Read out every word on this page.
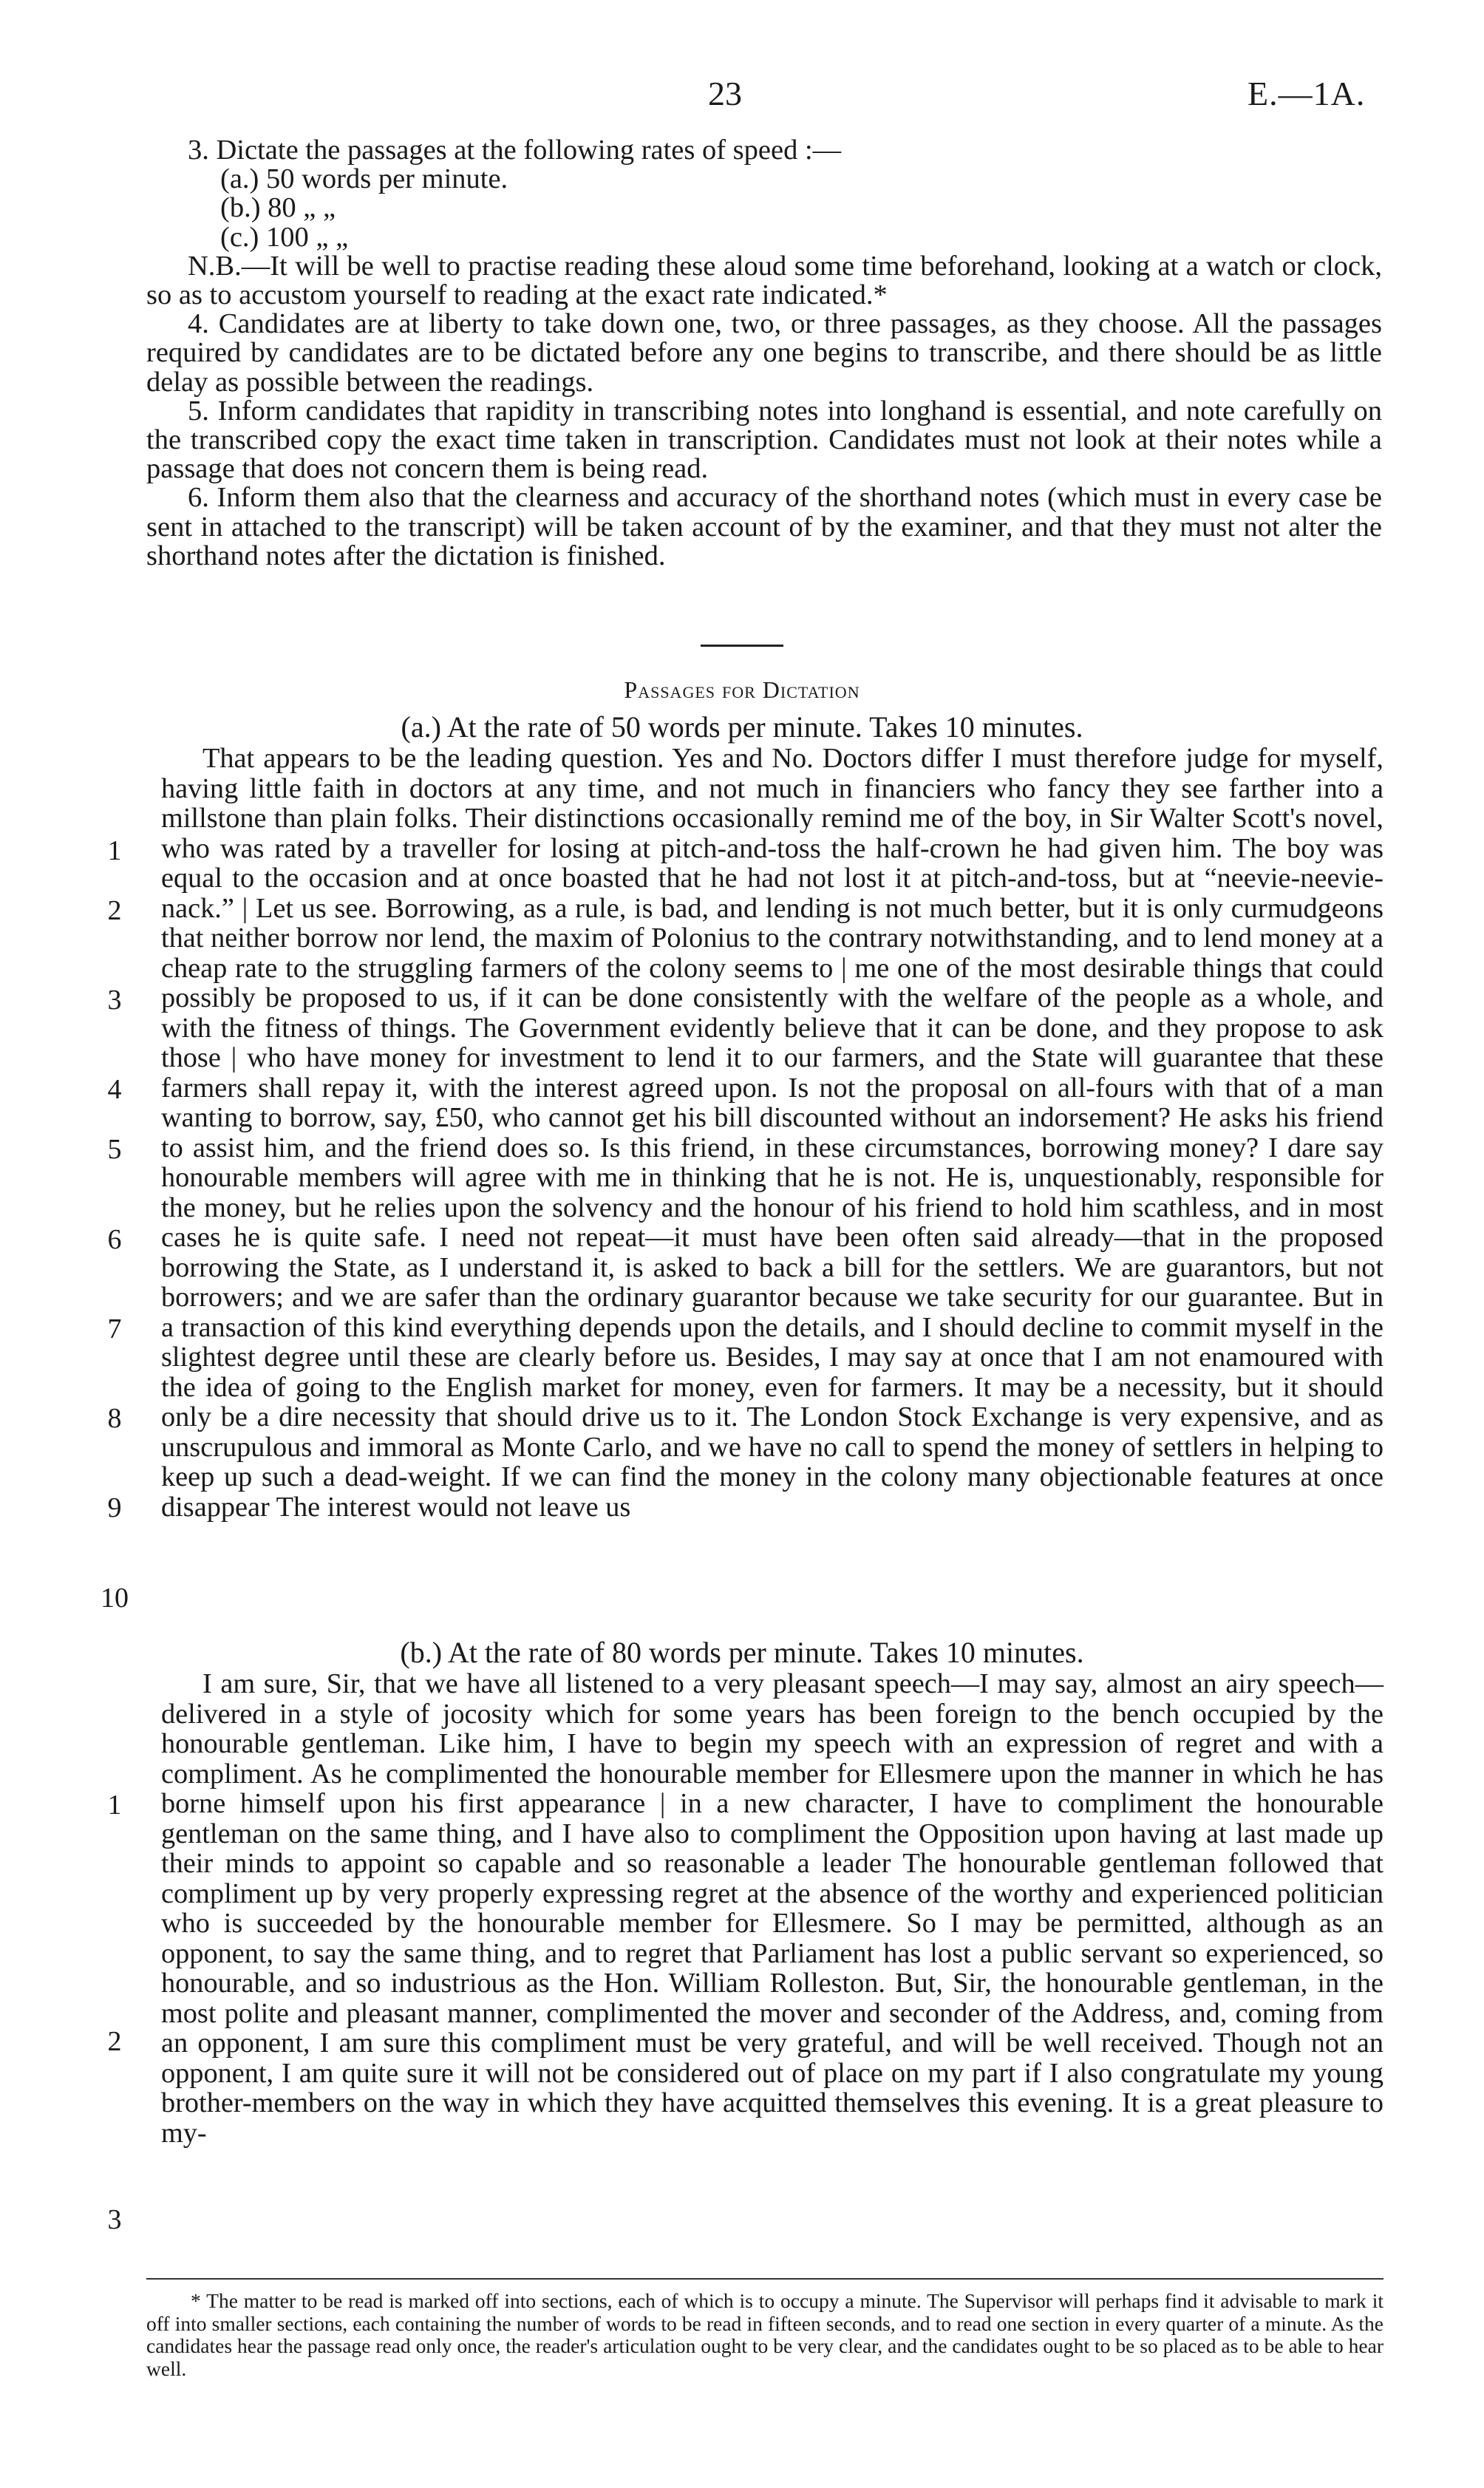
23	E.—1A.

3. Dictate the passages at the following rates of speed :—

(a.) 50 words per minute.

(b.) 80 „ „

(c.) 100 „ „

N.B.—It will be well to practise reading these aloud some time beforehand, looking at a watch or clock, so as to accustom yourself to reading at the exact rate indicated.*

4. Candidates are at liberty to take down one, two, or three passages, as they choose. All the passages required by candidates are to be dictated before any one begins to transcribe, and there should be as little delay as possible between the readings.

5. Inform candidates that rapidity in transcribing notes into longhand is essential, and note carefully on the transcribed copy the exact time taken in transcription. Candidates must not look at their notes while a passage that does not concern them is being read.

6. Inform them also that the clearness and accuracy of the shorthand notes (which must in every case be sent in attached to the transcript) will be taken account of by the examiner, and that they must not alter the shorthand notes after the dictation is finished.

Passages for Dictation
(a.) At the rate of 50 words per minute. Takes 10 minutes.

That appears to be the leading question. Yes and No. Doctors differ I must therefore judge for myself, having little faith in doctors at any time, and not much in financiers who fancy they see farther into a millstone than plain folks. Their distinctions occasionally remind me of the boy, in Sir Walter Scott's novel, who was rated by a traveller for losing at pitch-and-toss the half-crown he had given him. The boy was equal to the occasion and at once boasted that he had not lost it at pitch-and-toss, but at “neevie-neevie-nack.” | Let us see. Borrowing, as a rule, is bad, and lending is not much better, but it is only curmudgeons that neither borrow nor lend, the maxim of Polonius to the contrary notwithstanding, and to lend money at a cheap rate to the struggling farmers of the colony seems to | me one of the most desirable things that could possibly be proposed to us, if it can be done consistently with the welfare of the people as a whole, and with the fitness of things. The Government evidently believe that it can be done, and they propose to ask those | who have money for investment to lend it to our farmers, and the State will guarantee that these farmers shall repay it, with the interest agreed upon. Is not the proposal on all-fours with that of a man wanting to borrow, say, £50, who cannot get his bill discounted without an indorsement? He asks his friend to assist him, and the friend does so. Is this friend, in these circumstances, borrowing money? I dare say honourable members will agree with me in thinking that he is not. He is, unquestionably, responsible for the money, but he relies upon the solvency and the honour of his friend to hold him scathless, and in most cases he is quite safe. I need not repeat—it must have been often said already—that in the proposed borrowing the State, as I understand it, is asked to back a bill for the settlers. We are guarantors, but not borrowers; and we are safer than the ordinary guarantor because we take security for our guarantee. But in a transaction of this kind everything depends upon the details, and I should decline to commit myself in the slightest degree until these are clearly before us. Besides, I may say at once that I am not enamoured with the idea of going to the English market for money, even for farmers. It may be a necessity, but it should only be a dire necessity that should drive us to it. The London Stock Exchange is very expensive, and as unscrupulous and immoral as Monte Carlo, and we have no call to spend the money of settlers in helping to keep up such a dead-weight. If we can find the money in the colony many objectionable features at once disappear The interest would not leave us

1
2
3
4
5
6
7
8
9
10
(b.) At the rate of 80 words per minute. Takes 10 minutes.

I am sure, Sir, that we have all listened to a very pleasant speech—I may say, almost an airy speech—delivered in a style of jocosity which for some years has been foreign to the bench occupied by the honourable gentleman. Like him, I have to begin my speech with an expression of regret and with a compliment. As he complimented the honourable member for Ellesmere upon the manner in which he has borne himself upon his first appearance | in a new character, I have to compliment the honourable gentleman on the same thing, and I have also to compliment the Opposition upon having at last made up their minds to appoint so capable and so reasonable a leader The honourable gentleman followed that compliment up by very properly expressing regret at the absence of the worthy and experienced politician who is succeeded by the honourable member for Ellesmere. So I may be permitted, although as an opponent, to say the same thing, and to regret that Parliament has lost a public servant so experienced, so honourable, and so industrious as the Hon. William Rolleston. But, Sir, the honourable gentleman, in the most polite and pleasant manner, complimented the mover and seconder of the Address, and, coming from an opponent, I am sure this compliment must be very grateful, and will be well received. Though not an opponent, I am quite sure it will not be considered out of place on my part if I also congratulate my young brother-members on the way in which they have acquitted themselves this evening. It is a great pleasure to my-

1
2
3

* The matter to be read is marked off into sections, each of which is to occupy a minute. The Supervisor will perhaps find it advisable to mark it off into smaller sections, each containing the number of words to be read in fifteen seconds, and to read one section in every quarter of a minute. As the candidates hear the passage read only once, the reader's articulation ought to be very clear, and the candidates ought to be so placed as to be able to hear well.
